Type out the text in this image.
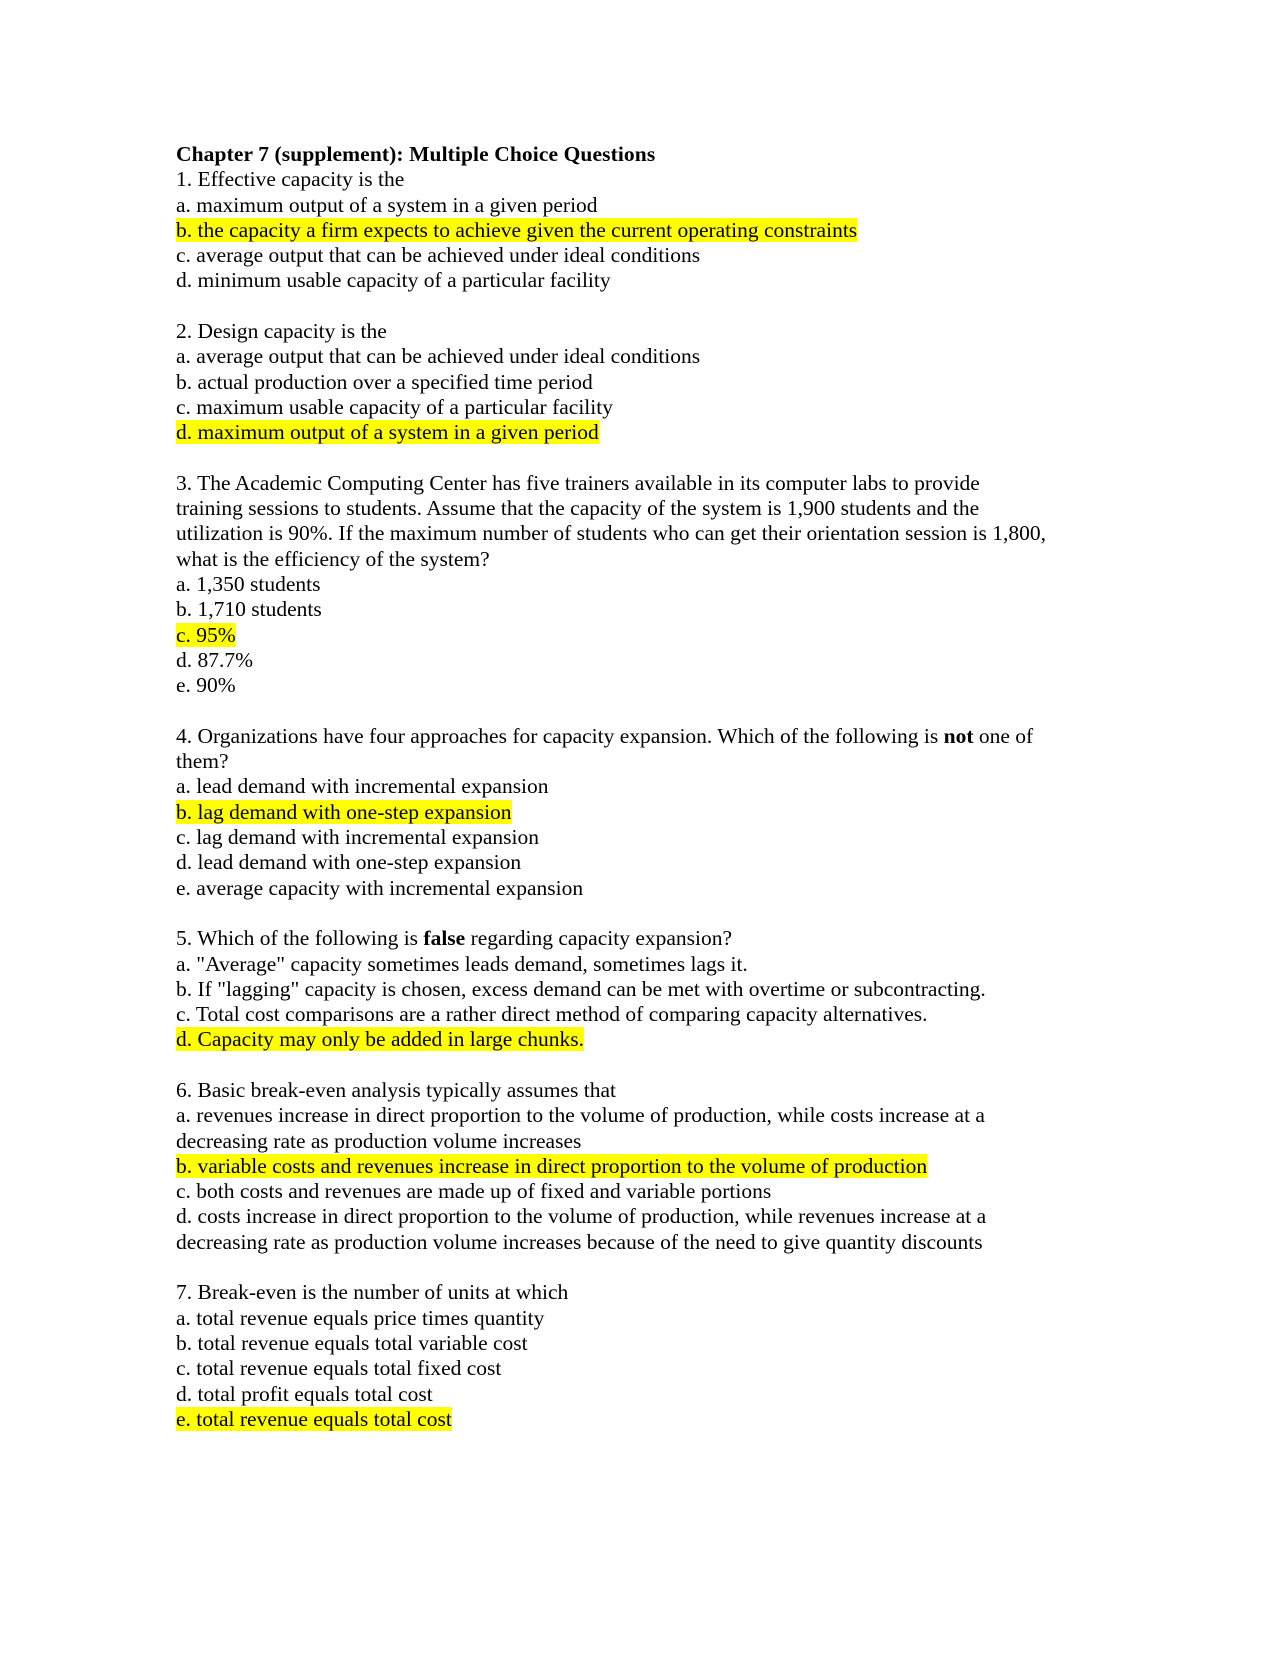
Chapter 7 (supplement): Multiple Choice Questions
1. Effective capacity is the
a. maximum output of a system in a given period
b. the capacity a firm expects to achieve given the current operating constraints
c. average output that can be achieved under ideal conditions
d. minimum usable capacity of a particular facility
2. Design capacity is the
a. average output that can be achieved under ideal conditions
b. actual production over a specified time period
c. maximum usable capacity of a particular facility
d. maximum output of a system in a given period
3. The Academic Computing Center has five trainers available in its computer labs to provide training sessions to students. Assume that the capacity of the system is 1,900 students and the utilization is 90%. If the maximum number of students who can get their orientation session is 1,800, what is the efficiency of the system?
a. 1,350 students
b. 1,710 students
c. 95%
d. 87.7%
e. 90%
4. Organizations have four approaches for capacity expansion. Which of the following is not one of them?
a. lead demand with incremental expansion
b. lag demand with one-step expansion
c. lag demand with incremental expansion
d. lead demand with one-step expansion
e. average capacity with incremental expansion
5. Which of the following is false regarding capacity expansion?
a. "Average" capacity sometimes leads demand, sometimes lags it.
b. If "lagging" capacity is chosen, excess demand can be met with overtime or subcontracting.
c. Total cost comparisons are a rather direct method of comparing capacity alternatives.
d. Capacity may only be added in large chunks.
6. Basic break-even analysis typically assumes that
a. revenues increase in direct proportion to the volume of production, while costs increase at a decreasing rate as production volume increases
b. variable costs and revenues increase in direct proportion to the volume of production
c. both costs and revenues are made up of fixed and variable portions
d. costs increase in direct proportion to the volume of production, while revenues increase at a decreasing rate as production volume increases because of the need to give quantity discounts
7. Break-even is the number of units at which
a. total revenue equals price times quantity
b. total revenue equals total variable cost
c. total revenue equals total fixed cost
d. total profit equals total cost
e. total revenue equals total cost
